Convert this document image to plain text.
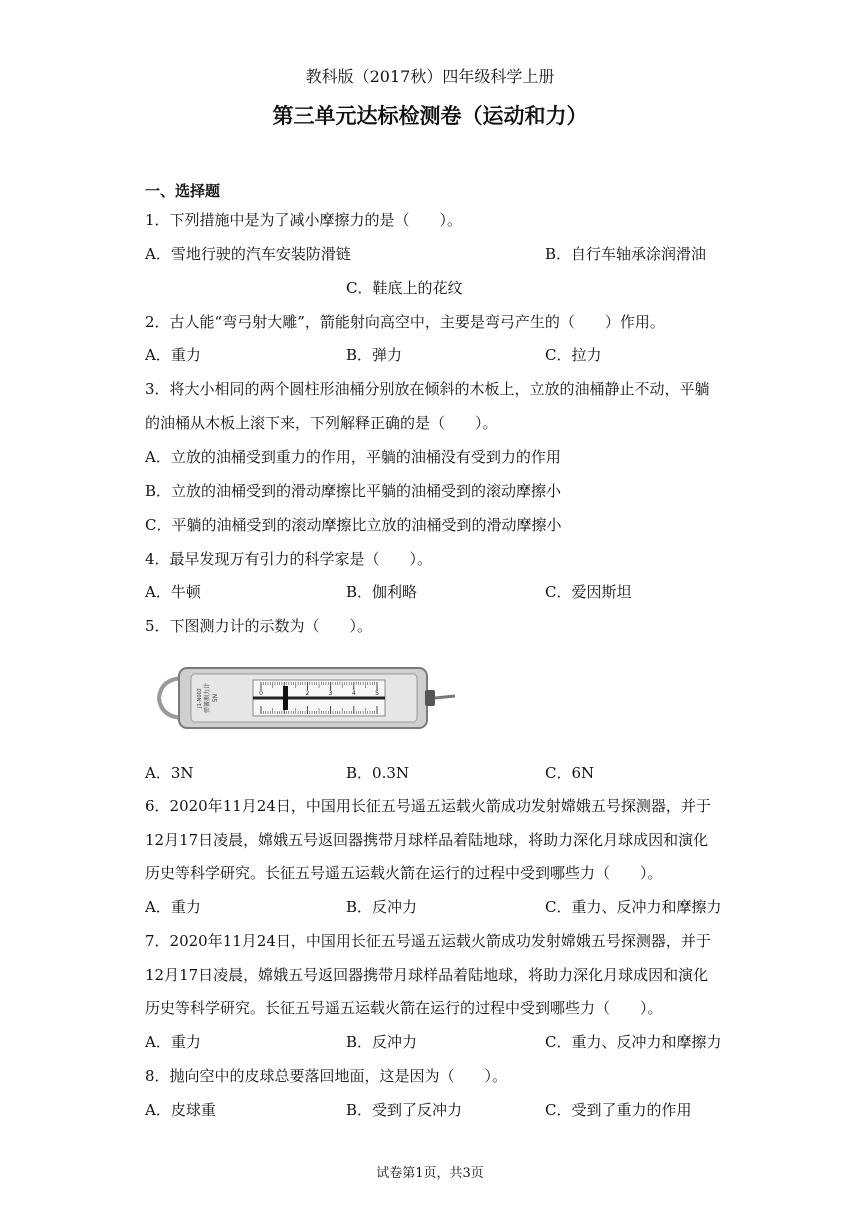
教科版（2017秋）四年级科学上册
第三单元达标检测卷（运动和力）
一、选择题
1．下列措施中是为了减小摩擦力的是（　　）。
A．雪地行驶的汽车安装防滑链	B．自行车轴承涂润滑油
C．鞋底上的花纹
2．古人能“弯弓射大雕”，箭能射向高空中，主要是弯弓产生的（　　）作用。
A．重力	B．弹力	C．拉力
3．将大小相同的两个圆柱形油桶分别放在倾斜的木板上，立放的油桶静止不动，平躺
的油桶从木板上滚下来，下列解释正确的是（　　）。
A．立放的油桶受到重力的作用，平躺的油桶没有受到力的作用
B．立放的油桶受到的滑动摩擦比平躺的油桶受到的滚动摩擦小
C．平躺的油桶受到的滚动摩擦比立放的油桶受到的滑动摩擦小
4．最早发现万有引力的科学家是（　　）。
A．牛顿	B．伽利略	C．爱因斯坦
5．下图测力计的示数为（　　）。
弹簧测力计 5N
J1-N002	0	2	3	4	5
A．3N	B．0.3N	C．6N
6．2020年11月24日，中国用长征五号遥五运载火箭成功发射嫦娥五号探测器，并于
12月17日凌晨，嫦娥五号返回器携带月球样品着陆地球，将助力深化月球成因和演化
历史等科学研究。长征五号遥五运载火箭在运行的过程中受到哪些力（　　）。
A．重力	B．反冲力	C．重力、反冲力和摩擦力
7．2020年11月24日，中国用长征五号遥五运载火箭成功发射嫦娥五号探测器，并于
12月17日凌晨，嫦娥五号返回器携带月球样品着陆地球，将助力深化月球成因和演化
历史等科学研究。长征五号遥五运载火箭在运行的过程中受到哪些力（　　）。
A．重力	B．反冲力	C．重力、反冲力和摩擦力
8．抛向空中的皮球总要落回地面，这是因为（　　）。
A．皮球重	B．受到了反冲力	C．受到了重力的作用
试卷第1页，共3页
